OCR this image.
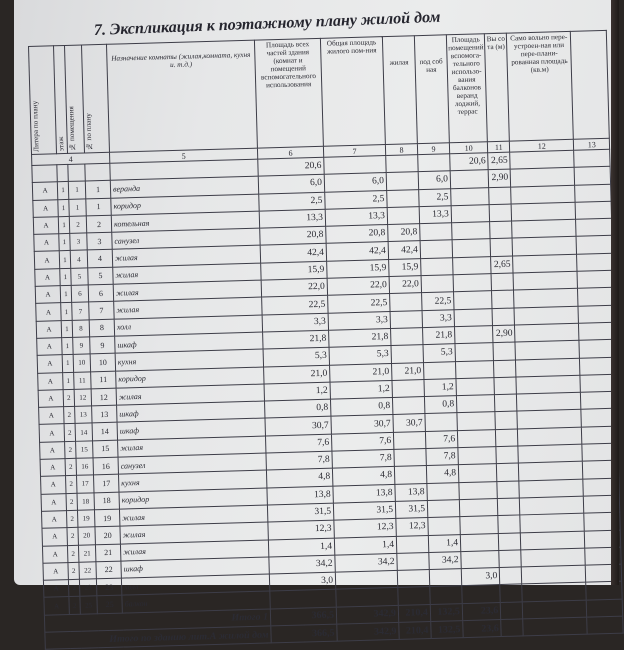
7. Экспликация к поэтажному плану жилой дом
Литера по плану	этаж	№ помещения	№ по плану	Назначение комнаты (жилая,комната, кухня и. т.д.)	Площадь всех частей здания (комнат и помещений вспомогательного использования	Общая площадь жилого пом-ния	жилая	под соб ная	Площадь помещений вспомога-тельного использо-вания балконов веранд лоджий, террас	Вы со та (м)	Само вольно пере-устроен-ная или пере-плани-рованная площадь (кв.м)	
4				5	6	7	8	9	10	11	12	13
					20,6				20,6	2,65		
А	1	1	1	веранда	6,0	6,0		6,0		2,90		
А	1	1	1	коридор	2,5	2,5		2,5				
А	1	2	2	котельная	13,3	13,3		13,3				
А	1	3	3	санузел	20,8	20,8	20,8					
А	1	4	4	жилая	42,4	42,4	42,4					
А	1	5	5	жилая	15,9	15,9	15,9			2,65		
А	1	6	6	жилая	22,0	22,0	22,0					
А	1	7	7	жилая	22,5	22,5		22,5				
А	1	8	8	холл	3,3	3,3		3,3				
А	1	9	9	шкаф	21,8	21,8		21,8		2,90		
А	1	10	10	кухня	5,3	5,3		5,3				
А	1	11	11	коридор	21,0	21,0	21,0					
А	2	12	12	жилая	1,2	1,2		1,2				
А	2	13	13	шкаф	0,8	0,8		0,8				
А	2	14	14	шкаф	30,7	30,7	30,7					
А	2	15	15	жилая	7,6	7,6		7,6				
А	2	16	16	санузел	7,8	7,8		7,8				
А	2	17	17	кухня	4,8	4,8		4,8				
А	2	18	18	коридор	13,8	13,8	13,8					
А	2	19	19	жилая	31,5	31,5	31,5					
А	2	20	20	жилая	12,3	12,3	12,3					
А	2	21	21	жилая	1,4	1,4		1,4				
А	2	22	22	шкаф	34,2	34,2		34,2				
А	2	23	23	холл	3,0				3,0			
А	2	25	25	балкон								
Итого 1					366,5	342,9	210,4	132,5	23,6			
Итого по зданию лит.А жилой дом					366,5	342,9	210,4	132,5	23,6			
